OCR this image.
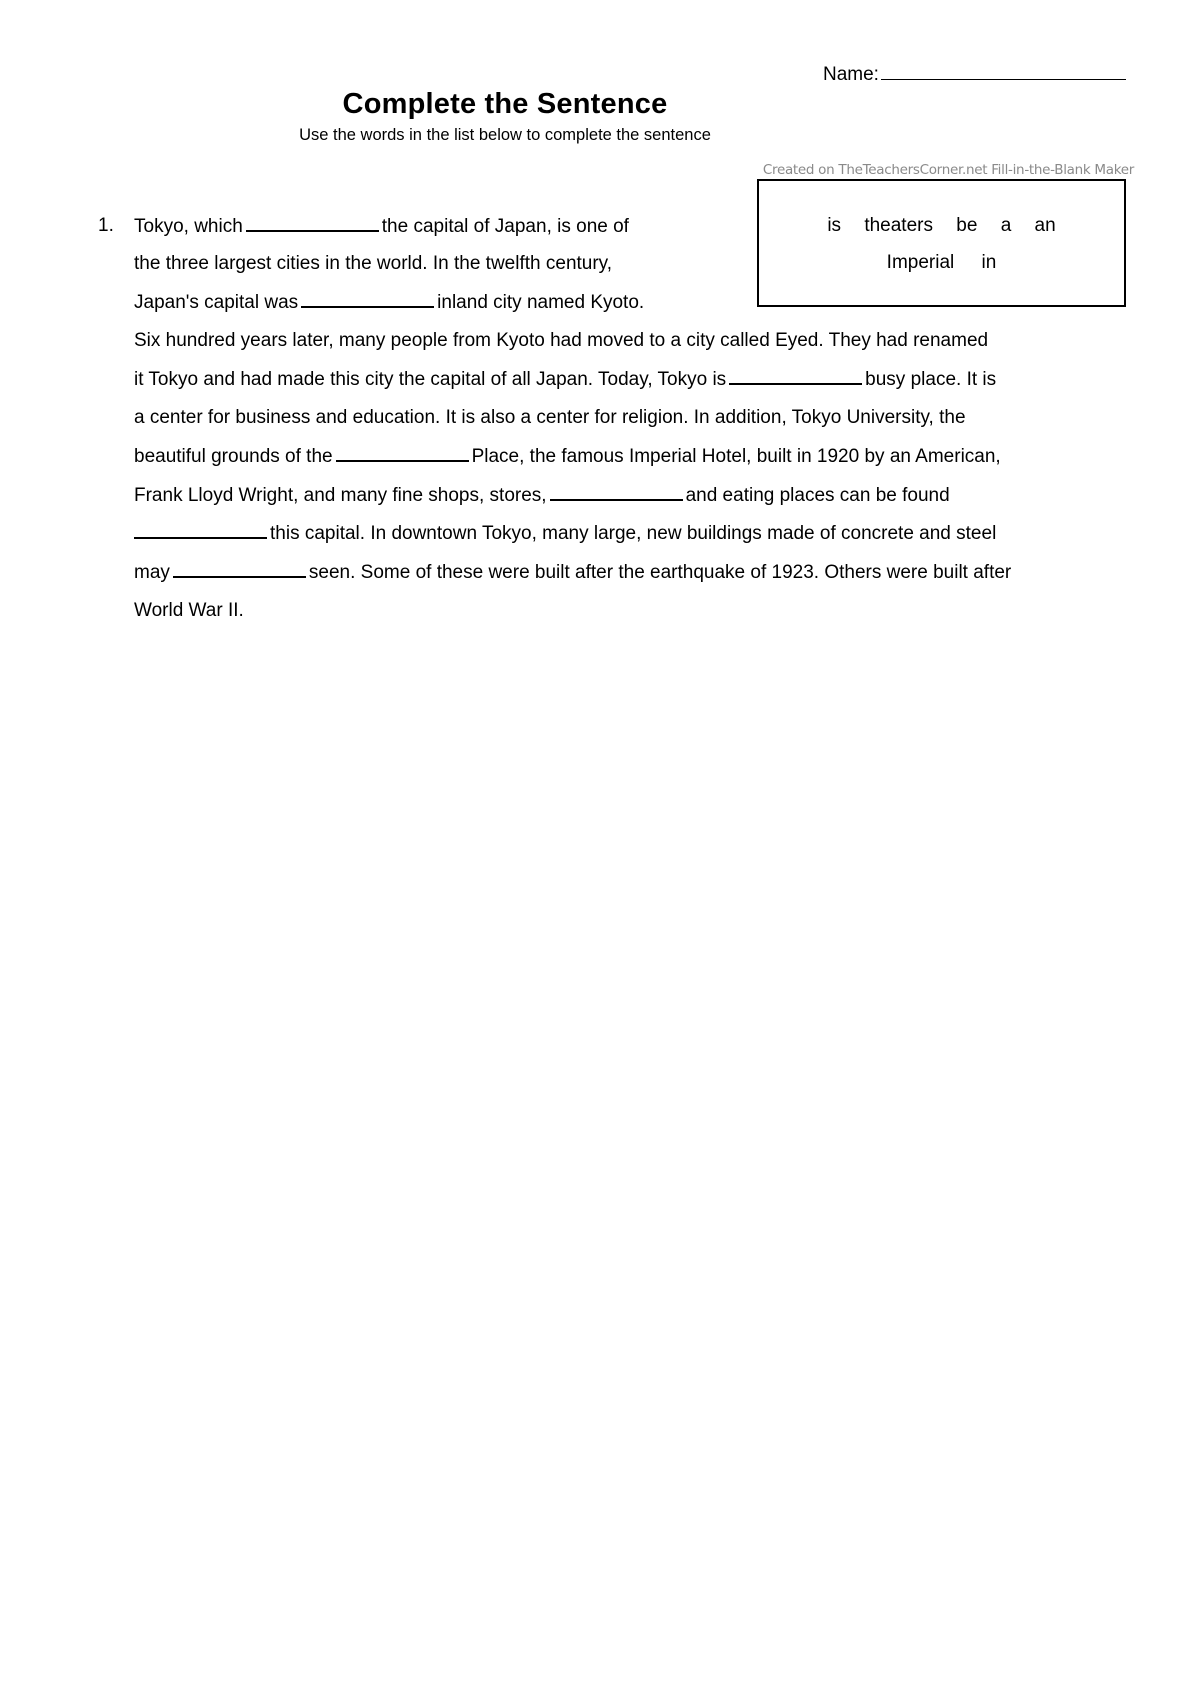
Name:
Complete the Sentence
Use the words in the list below to complete the sentence
Created on TheTeachersCorner.net Fill-in-the-Blank Maker
is theaters be a an
Imperial in
1. Tokyo, which	the capital of Japan, is one of
the three largest cities in the world. In the twelfth century,
Japan's capital was	inland city named Kyoto.
Six hundred years later, many people from Kyoto had moved to a city called Eyed. They had renamed
it Tokyo and had made this city the capital of all Japan. Today, Tokyo is	busy place. It is
a center for business and education. It is also a center for religion. In addition, Tokyo University, the
beautiful grounds of the	Place, the famous Imperial Hotel, built in 1920 by an American,
Frank Lloyd Wright, and many fine shops, stores,	and eating places can be found
this capital. In downtown Tokyo, many large, new buildings made of concrete and steel
may	seen. Some of these were built after the earthquake of 1923. Others were built after
World War II.
